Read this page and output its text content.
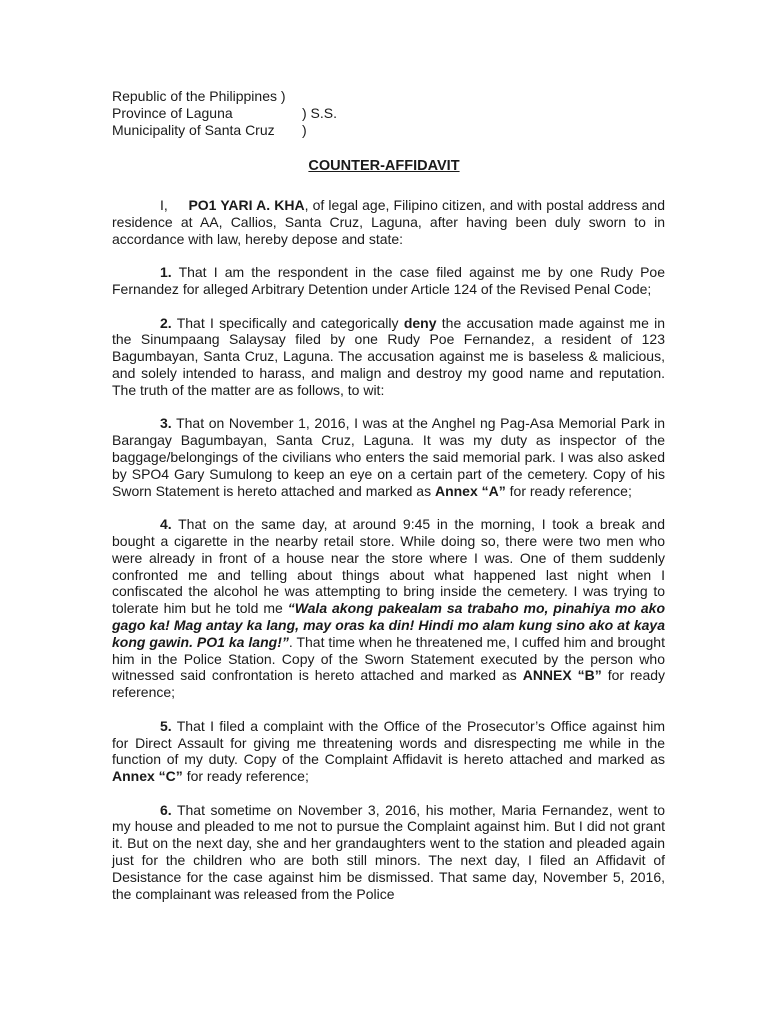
Republic of the Philippines )
Province of Laguna	) S.S.
Municipality of Santa Cruz	)
COUNTER-AFFIDAVIT

I, PO1 YARI A. KHA, of legal age, Filipino citizen, and with postal address and residence at AA, Callios, Santa Cruz, Laguna, after having been duly sworn to in accordance with law, hereby depose and state:

1. That I am the respondent in the case filed against me by one Rudy Poe Fernandez for alleged Arbitrary Detention under Article 124 of the Revised Penal Code;

2. That I specifically and categorically deny the accusation made against me in the Sinumpaang Salaysay filed by one Rudy Poe Fernandez, a resident of 123 Bagumbayan, Santa Cruz, Laguna. The accusation against me is baseless & malicious, and solely intended to harass, and malign and destroy my good name and reputation. The truth of the matter are as follows, to wit:

3. That on November 1, 2016, I was at the Anghel ng Pag-Asa Memorial Park in Barangay Bagumbayan, Santa Cruz, Laguna. It was my duty as inspector of the baggage/belongings of the civilians who enters the said memorial park. I was also asked by SPO4 Gary Sumulong to keep an eye on a certain part of the cemetery. Copy of his Sworn Statement is hereto attached and marked as Annex “A” for ready reference;

4. That on the same day, at around 9:45 in the morning, I took a break and bought a cigarette in the nearby retail store. While doing so, there were two men who were already in front of a house near the store where I was. One of them suddenly confronted me and telling about things about what happened last night when I confiscated the alcohol he was attempting to bring inside the cemetery. I was trying to tolerate him but he told me “Wala akong pakealam sa trabaho mo, pinahiya mo ako gago ka! Mag antay ka lang, may oras ka din! Hindi mo alam kung sino ako at kaya kong gawin. PO1 ka lang!”. That time when he threatened me, I cuffed him and brought him in the Police Station. Copy of the Sworn Statement executed by the person who witnessed said confrontation is hereto attached and marked as ANNEX “B” for ready reference;

5. That I filed a complaint with the Office of the Prosecutor’s Office against him for Direct Assault for giving me threatening words and disrespecting me while in the function of my duty. Copy of the Complaint Affidavit is hereto attached and marked as Annex “C” for ready reference;

6. That sometime on November 3, 2016, his mother, Maria Fernandez, went to my house and pleaded to me not to pursue the Complaint against him. But I did not grant it. But on the next day, she and her grandaughters went to the station and pleaded again just for the children who are both still minors. The next day, I filed an Affidavit of Desistance for the case against him be dismissed. That same day, November 5, 2016, the complainant was released from the Police
